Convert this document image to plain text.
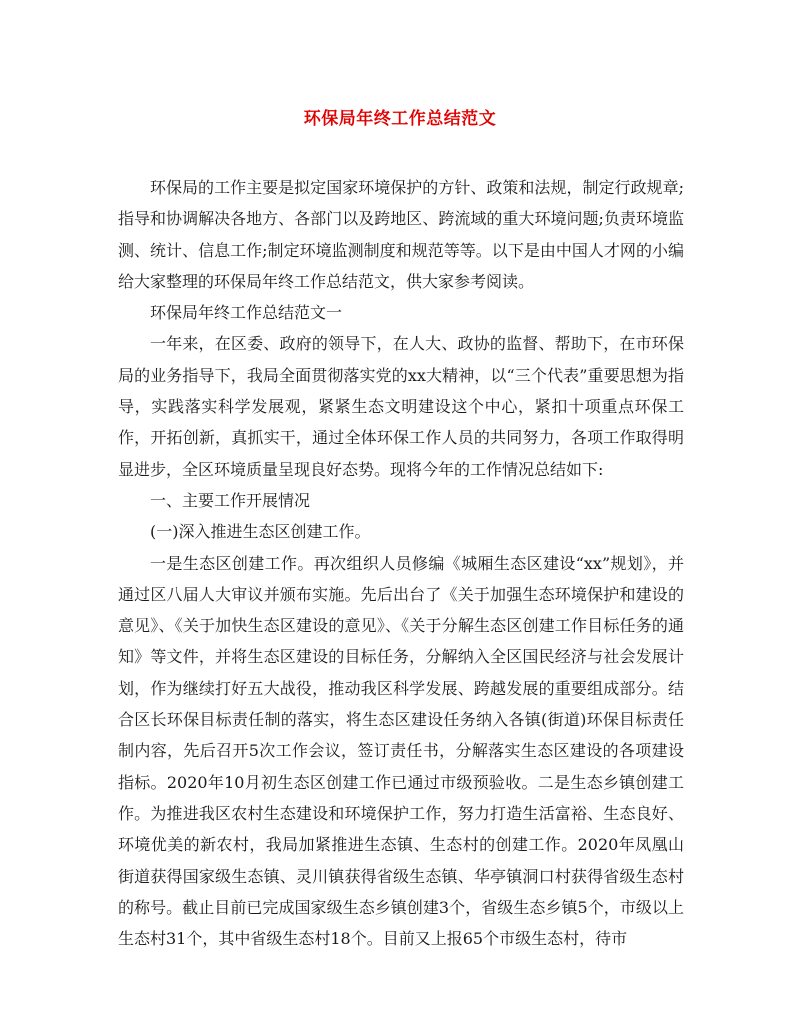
环保局年终工作总结范文

环保局的工作主要是拟定国家环境保护的方针、政策和法规，制定行政规章;指导和协调解决各地方、各部门以及跨地区、跨流域的重大环境问题;负责环境监测、统计、信息工作;制定环境监测制度和规范等等。以下是由中国人才网的小编给大家整理的环保局年终工作总结范文，供大家参考阅读。

环保局年终工作总结范文一

一年来，在区委、政府的领导下，在人大、政协的监督、帮助下，在市环保局的业务指导下，我局全面贯彻落实党的xx大精神，以“三个代表”重要思想为指导，实践落实科学发展观，紧紧生态文明建设这个中心，紧扣十项重点环保工作，开拓创新，真抓实干，通过全体环保工作人员的共同努力，各项工作取得明显进步，全区环境质量呈现良好态势。现将今年的工作情况总结如下:

一、主要工作开展情况

(一)深入推进生态区创建工作。

一是生态区创建工作。再次组织人员修编《城厢生态区建设“xx”规划》，并通过区八届人大审议并颁布实施。先后出台了《关于加强生态环境保护和建设的意见》、《关于加快生态区建设的意见》、《关于分解生态区创建工作目标任务的通知》等文件，并将生态区建设的目标任务，分解纳入全区国民经济与社会发展计划，作为继续打好五大战役，推动我区科学发展、跨越发展的重要组成部分。结合区长环保目标责任制的落实，将生态区建设任务纳入各镇(街道)环保目标责任制内容，先后召开5次工作会议，签订责任书，分解落实生态区建设的各项建设指标。2020年10月初生态区创建工作已通过市级预验收。二是生态乡镇创建工作。为推进我区农村生态建设和环境保护工作，努力打造生活富裕、生态良好、环境优美的新农村，我局加紧推进生态镇、生态村的创建工作。2020年凤凰山街道获得国家级生态镇、灵川镇获得省级生态镇、华亭镇洞口村获得省级生态村的称号。截止目前已完成国家级生态乡镇创建3个，省级生态乡镇5个，市级以上生态村31个，其中省级生态村18个。目前又上报65个市级生态村，待市
